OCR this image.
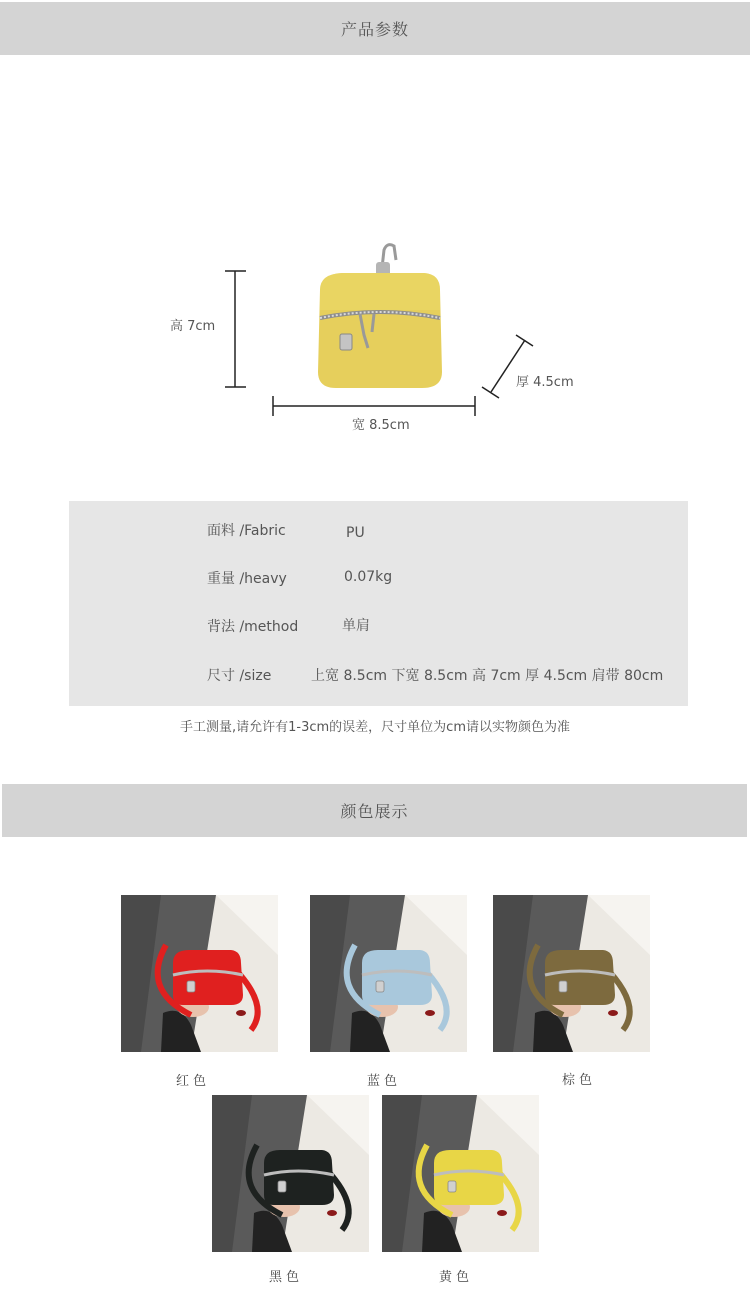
产品参数
高 7cm
厚 4.5cm
宽 8.5cm
面料 /Fabric	PU
重量 /heavy	0.07kg
背法 /method	单肩
尺寸 /size	上宽 8.5cm 下宽 8.5cm 高 7cm 厚 4.5cm 肩带 80cm
手工测量,请允许有1-3cm的误差，尺寸单位为cm请以实物颜色为准
颜色展示
红色	蓝色	棕色
黑色	黄色
